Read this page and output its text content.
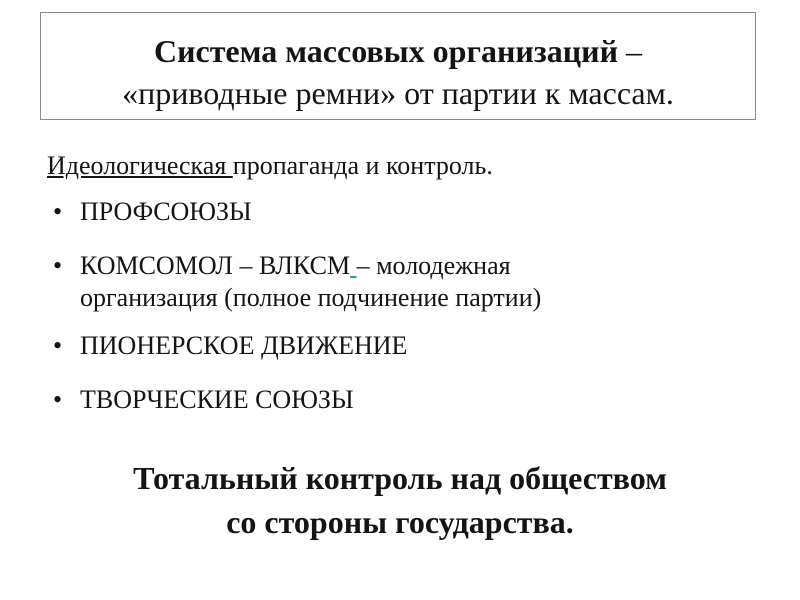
Система массовых организаций –
«приводные ремни» от партии к массам.
Идеологическая пропаганда и контроль.
• ПРОФСОЮЗЫ
• КОМСОМОЛ – ВЛКСМ – молодежная
организация (полное подчинение партии)
• ПИОНЕРСКОЕ ДВИЖЕНИЕ
• ТВОРЧЕСКИЕ СОЮЗЫ
Тотальный контроль над обществом
со стороны государства.
